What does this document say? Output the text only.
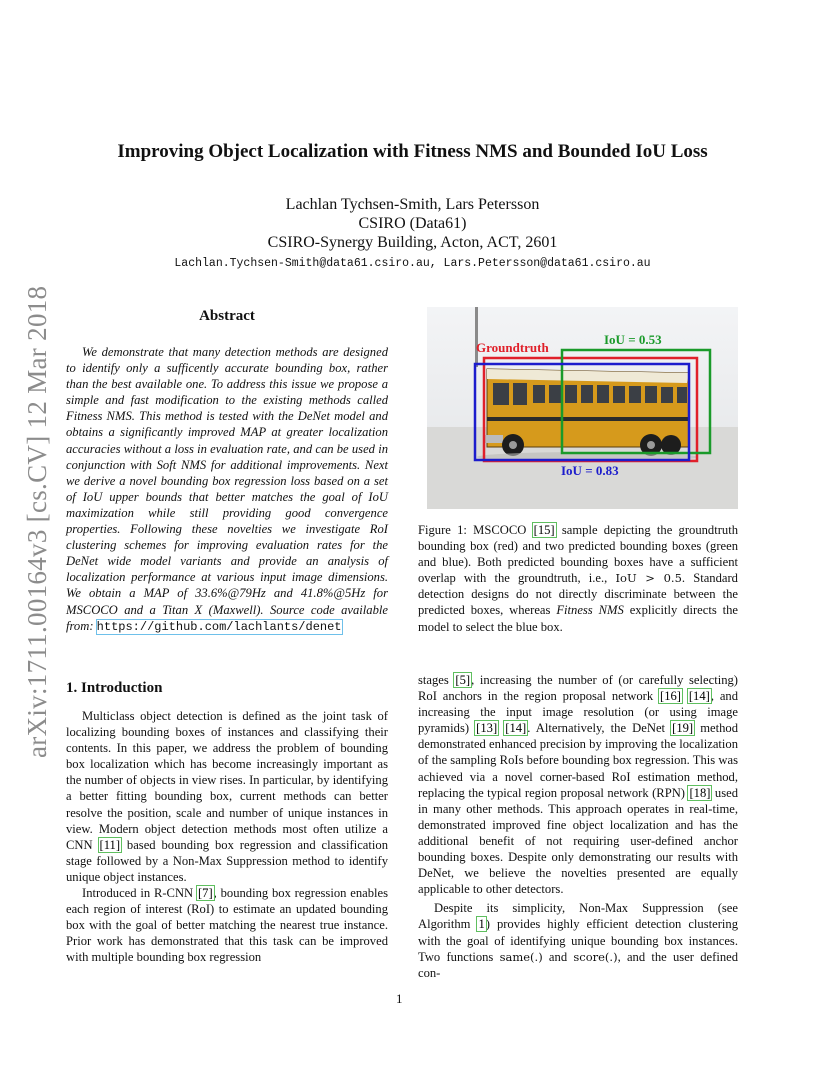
arXiv:1711.00164v3 [cs.CV] 12 Mar 2018
Improving Object Localization with Fitness NMS and Bounded IoU Loss
Lachlan Tychsen-Smith, Lars Petersson
CSIRO (Data61)
CSIRO-Synergy Building, Acton, ACT, 2601
Lachlan.Tychsen-Smith@data61.csiro.au, Lars.Petersson@data61.csiro.au
Abstract
We demonstrate that many detection methods are designed to identify only a sufficently accurate bounding box, rather than the best available one. To address this issue we propose a simple and fast modification to the existing methods called Fitness NMS. This method is tested with the DeNet model and obtains a significantly improved MAP at greater localization accuracies without a loss in evaluation rate, and can be used in conjunction with Soft NMS for additional improvements. Next we derive a novel bounding box regression loss based on a set of IoU upper bounds that better matches the goal of IoU maximization while still providing good convergence properties. Following these novelties we investigate RoI clustering schemes for improving evaluation rates for the DeNet wide model variants and provide an analysis of localization performance at various input image dimensions. We obtain a MAP of 33.6%@79Hz and 41.8%@5Hz for MSCOCO and a Titan X (Maxwell). Source code available from: https://github.com/lachlants/denet
Groundtruth
IoU = 0.53
IoU = 0.83
Figure 1: MSCOCO [15] sample depicting the groundtruth bounding box (red) and two predicted bounding boxes (green and blue). Both predicted bounding boxes have a sufficient overlap with the groundtruth, i.e., IoU > 0.5. Standard detection designs do not directly discriminate between the predicted boxes, whereas Fitness NMS explicitly directs the model to select the blue box.
1. Introduction

Multiclass object detection is defined as the joint task of localizing bounding boxes of instances and classifying their contents. In this paper, we address the problem of bounding box localization which has become increasingly important as the number of objects in view rises. In particular, by identifying a better fitting bounding box, current methods can better resolve the position, scale and number of unique instances in view. Modern object detection methods most often utilize a CNN [11] based bounding box regression and classification stage followed by a Non-Max Suppression method to identify unique object instances.

Introduced in R-CNN [7], bounding box regression enables each region of interest (RoI) to estimate an updated bounding box with the goal of better matching the nearest true instance. Prior work has demonstrated that this task can be improved with multiple bounding box regression

stages [5], increasing the number of (or carefully selecting) RoI anchors in the region proposal network [16] [14], and increasing the input image resolution (or using image pyramids) [13] [14]. Alternatively, the DeNet [19] method demonstrated enhanced precision by improving the localization of the sampling RoIs before bounding box regression. This was achieved via a novel corner-based RoI estimation method, replacing the typical region proposal network (RPN) [18] used in many other methods. This approach operates in real-time, demonstrated improved fine object localization and has the additional benefit of not requiring user-defined anchor bounding boxes. Despite only demonstrating our results with DeNet, we believe the novelties presented are equally applicable to other detectors.

Despite its simplicity, Non-Max Suppression (see Algorithm 1) provides highly efficient detection clustering with the goal of identifying unique bounding box instances. Two functions same(.) and score(.), and the user defined con-

1
